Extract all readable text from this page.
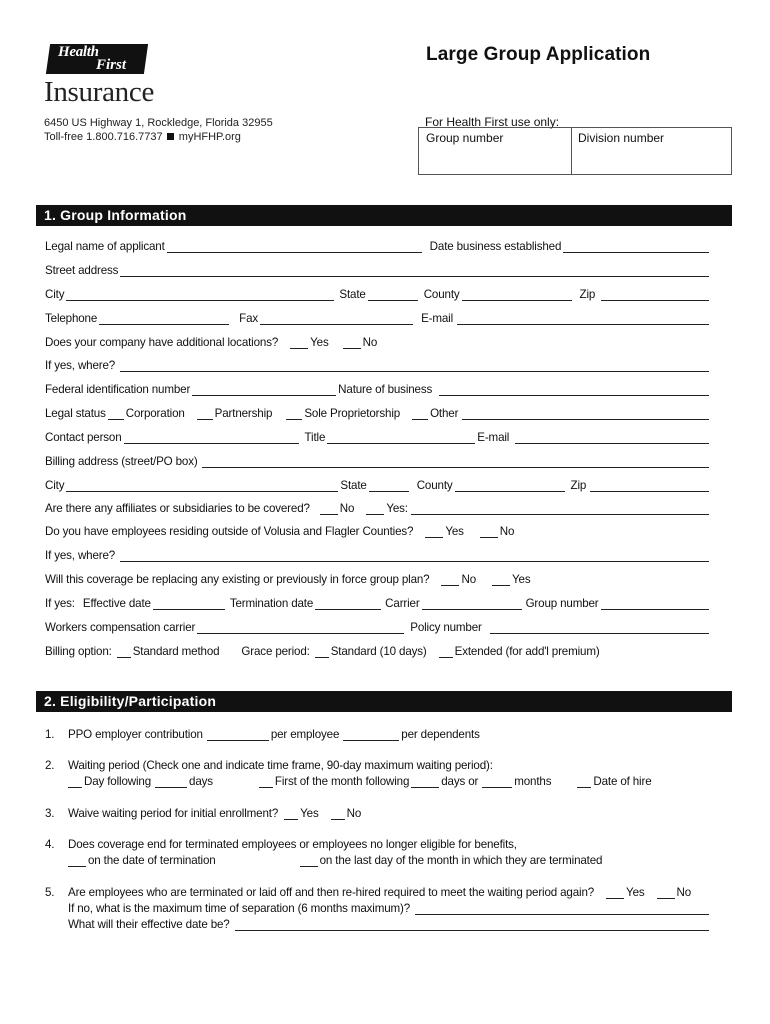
Health
First
Insurance
6450 US Highway 1, Rockledge, Florida 32955
Toll-free 1.800.716.7737 myHFHP.org
Large Group Application
For Health First use only:
Group number	Division number
1. Group Information
Legal name of applicant	Date business established
Street address
City	State	County	Zip
Telephone	Fax	E-mail
Does your company have additional locations?	Yes	No
If yes, where?
Federal identification number	Nature of business
Legal status Corporation	Partnership	Sole Proprietorship	Other
Contact person	Title	E-mail
Billing address (street/PO box)
City	State	County	Zip
Are there any affiliates or subsidiaries to be covered?	No	Yes:
Do you have employees residing outside of Volusia and Flagler Counties?	Yes	No
If yes, where?
Will this coverage be replacing any existing or previously in force group plan?	No	Yes
If yes: Effective date	Termination date	Carrier	Group number
Workers compensation carrier	Policy number
Billing option: Standard method Grace period: Standard (10 days) Extended (for add'l premium)
2. Eligibility/Participation
1.	PPO employer contribution	per employee	per dependents
2.	Waiting period (Check one and indicate time frame, 90-day maximum waiting period):
Day following	days	First of the month following	days or	months	Date of hire
3.	Waive waiting period for initial enrollment? Yes No
4.	Does coverage end for terminated employees or employees no longer eligible for benefits,
on the date of termination	on the last day of the month in which they are terminated
5.	Are employees who are terminated or laid off and then re-hired required to meet the waiting period again?	Yes	No
If no, what is the maximum time of separation (6 months maximum)?
What will their effective date be?
